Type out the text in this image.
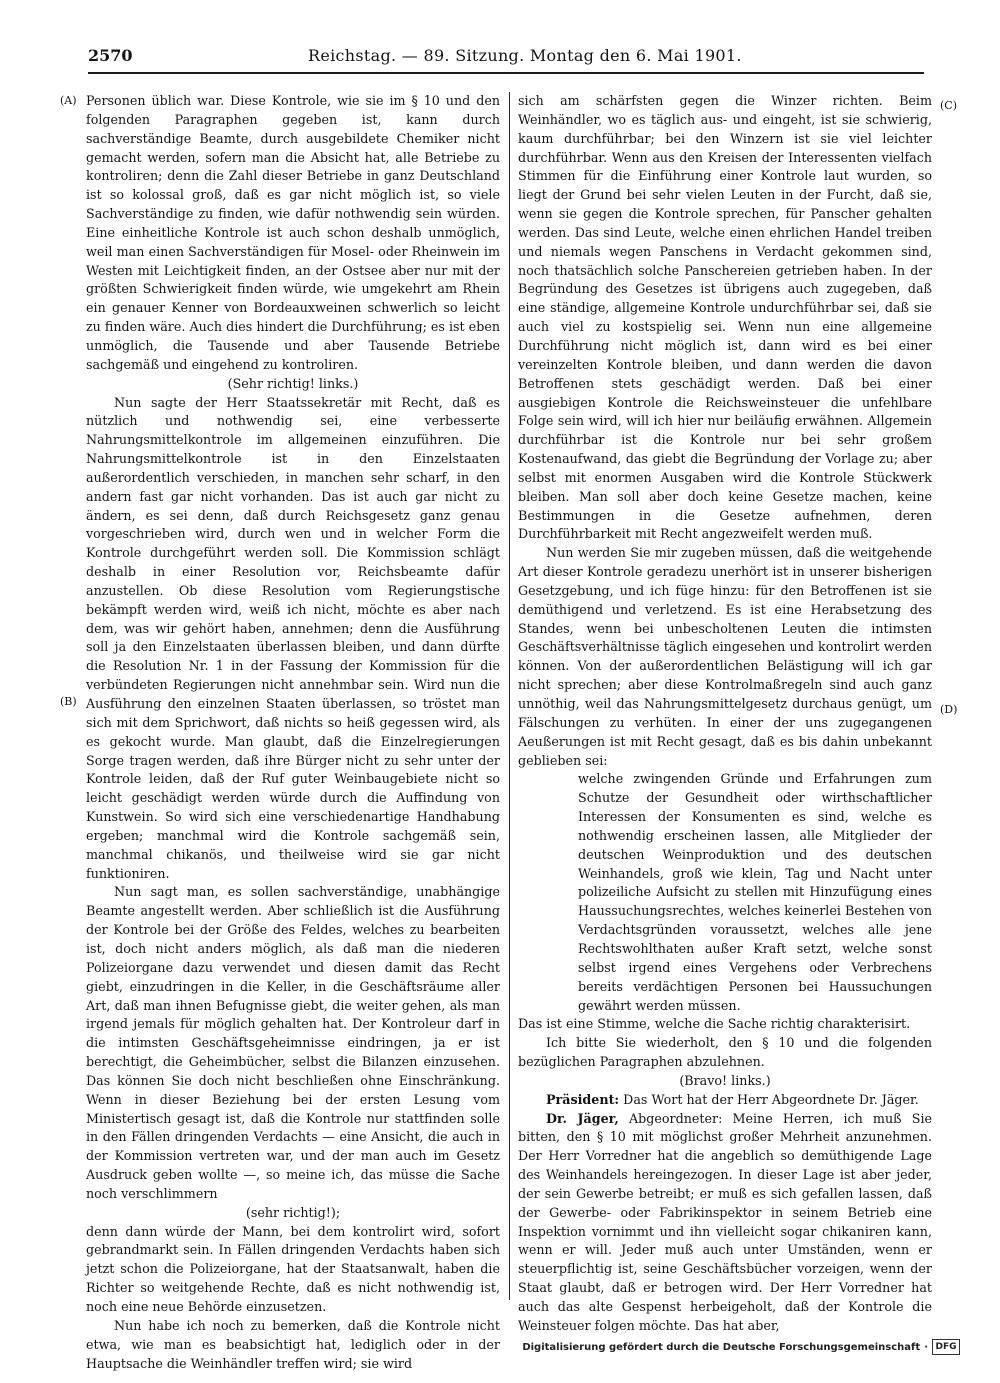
2570	Reichstag. — 89. Sitzung. Montag den 6. Mai 1901.
(A)
(B)
(C)
(D)

Personen üblich war. Diese Kontrole, wie sie im § 10 und den folgenden Paragraphen gegeben ist, kann durch sachverständige Beamte, durch ausgebildete Chemiker nicht gemacht werden, sofern man die Absicht hat, alle Betriebe zu kontroliren; denn die Zahl dieser Betriebe in ganz Deutschland ist so kolossal groß, daß es gar nicht möglich ist, so viele Sachverständige zu finden, wie dafür nothwendig sein würden. Eine einheitliche Kontrole ist auch schon deshalb unmöglich, weil man einen Sachverständigen für Mosel- oder Rheinwein im Westen mit Leichtigkeit finden, an der Ostsee aber nur mit der größten Schwierigkeit finden würde, wie umgekehrt am Rhein ein genauer Kenner von Bordeauxweinen schwerlich so leicht zu finden wäre. Auch dies hindert die Durchführung; es ist eben unmöglich, die Tausende und aber Tausende Betriebe sachgemäß und eingehend zu kontroliren.

(Sehr richtig! links.)

Nun sagte der Herr Staatssekretär mit Recht, daß es nützlich und nothwendig sei, eine verbesserte Nahrungsmittelkontrole im allgemeinen einzuführen. Die Nahrungsmittelkontrole ist in den Einzelstaaten außerordentlich verschieden, in manchen sehr scharf, in den andern fast gar nicht vorhanden. Das ist auch gar nicht zu ändern, es sei denn, daß durch Reichsgesetz ganz genau vorgeschrieben wird, durch wen und in welcher Form die Kontrole durchgeführt werden soll. Die Kommission schlägt deshalb in einer Resolution vor, Reichsbeamte dafür anzustellen. Ob diese Resolution vom Regierungstische bekämpft werden wird, weiß ich nicht, möchte es aber nach dem, was wir gehört haben, annehmen; denn die Ausführung soll ja den Einzelstaaten überlassen bleiben, und dann dürfte die Resolution Nr. 1 in der Fassung der Kommission für die verbündeten Regierungen nicht annehmbar sein. Wird nun die Ausführung den einzelnen Staaten überlassen, so tröstet man sich mit dem Sprichwort, daß nichts so heiß gegessen wird, als es gekocht wurde. Man glaubt, daß die Einzelregierungen Sorge tragen werden, daß ihre Bürger nicht zu sehr unter der Kontrole leiden, daß der Ruf guter Weinbaugebiete nicht so leicht geschädigt werden würde durch die Auffindung von Kunstwein. So wird sich eine verschiedenartige Handhabung ergeben; manchmal wird die Kontrole sachgemäß sein, manchmal chikanös, und theilweise wird sie gar nicht funktioniren.

Nun sagt man, es sollen sachverständige, unabhängige Beamte angestellt werden. Aber schließlich ist die Ausführung der Kontrole bei der Größe des Feldes, welches zu bearbeiten ist, doch nicht anders möglich, als daß man die niederen Polizeiorgane dazu verwendet und diesen damit das Recht giebt, einzudringen in die Keller, in die Geschäftsräume aller Art, daß man ihnen Befugnisse giebt, die weiter gehen, als man irgend jemals für möglich gehalten hat. Der Kontroleur darf in die intimsten Geschäftsgeheimnisse eindringen, ja er ist berechtigt, die Geheimbücher, selbst die Bilanzen einzusehen. Das können Sie doch nicht beschließen ohne Einschränkung. Wenn in dieser Beziehung bei der ersten Lesung vom Ministertisch gesagt ist, daß die Kontrole nur stattfinden solle in den Fällen dringenden Verdachts — eine Ansicht, die auch in der Kommission vertreten war, und der man auch im Gesetz Ausdruck geben wollte —, so meine ich, das müsse die Sache noch verschlimmern

(sehr richtig!);

denn dann würde der Mann, bei dem kontrolirt wird, sofort gebrandmarkt sein. In Fällen dringenden Verdachts haben sich jetzt schon die Polizeiorgane, hat der Staatsanwalt, haben die Richter so weitgehende Rechte, daß es nicht nothwendig ist, noch eine neue Behörde einzusetzen.

Nun habe ich noch zu bemerken, daß die Kontrole nicht etwa, wie man es beabsichtigt hat, lediglich oder in der Hauptsache die Weinhändler treffen wird; sie wird

sich am schärfsten gegen die Winzer richten. Beim Weinhändler, wo es täglich aus- und eingeht, ist sie schwierig, kaum durchführbar; bei den Winzern ist sie viel leichter durchführbar. Wenn aus den Kreisen der Interessenten vielfach Stimmen für die Einführung einer Kontrole laut wurden, so liegt der Grund bei sehr vielen Leuten in der Furcht, daß sie, wenn sie gegen die Kontrole sprechen, für Panscher gehalten werden. Das sind Leute, welche einen ehrlichen Handel treiben und niemals wegen Panschens in Verdacht gekommen sind, noch thatsächlich solche Panschereien getrieben haben. In der Begründung des Gesetzes ist übrigens auch zugegeben, daß eine ständige, allgemeine Kontrole undurchführbar sei, daß sie auch viel zu kostspielig sei. Wenn nun eine allgemeine Durchführung nicht möglich ist, dann wird es bei einer vereinzelten Kontrole bleiben, und dann werden die davon Betroffenen stets geschädigt werden. Daß bei einer ausgiebigen Kontrole die Reichsweinsteuer die unfehlbare Folge sein wird, will ich hier nur beiläufig erwähnen. Allgemein durchführbar ist die Kontrole nur bei sehr großem Kostenaufwand, das giebt die Begründung der Vorlage zu; aber selbst mit enormen Ausgaben wird die Kontrole Stückwerk bleiben. Man soll aber doch keine Gesetze machen, keine Bestimmungen in die Gesetze aufnehmen, deren Durchführbarkeit mit Recht angezweifelt werden muß.

Nun werden Sie mir zugeben müssen, daß die weitgehende Art dieser Kontrole geradezu unerhört ist in unserer bisherigen Gesetzgebung, und ich füge hinzu: für den Betroffenen ist sie demüthigend und verletzend. Es ist eine Herabsetzung des Standes, wenn bei unbescholtenen Leuten die intimsten Geschäftsverhältnisse täglich eingesehen und kontrolirt werden können. Von der außerordentlichen Belästigung will ich gar nicht sprechen; aber diese Kontrolmaßregeln sind auch ganz unnöthig, weil das Nahrungsmittelgesetz durchaus genügt, um Fälschungen zu verhüten. In einer der uns zugegangenen Aeußerungen ist mit Recht gesagt, daß es bis dahin unbekannt geblieben sei:

welche zwingenden Gründe und Erfahrungen zum Schutze der Gesundheit oder wirthschaftlicher Interessen der Konsumenten es sind, welche es nothwendig erscheinen lassen, alle Mitglieder der deutschen Weinproduktion und des deutschen Weinhandels, groß wie klein, Tag und Nacht unter polizeiliche Aufsicht zu stellen mit Hinzufügung eines Haussuchungsrechtes, welches keinerlei Bestehen von Verdachtsgründen voraussetzt, welches alle jene Rechtswohlthaten außer Kraft setzt, welche sonst selbst irgend eines Vergehens oder Verbrechens bereits verdächtigen Personen bei Haussuchungen gewährt werden müssen.

Das ist eine Stimme, welche die Sache richtig charakterisirt.

Ich bitte Sie wiederholt, den § 10 und die folgenden bezüglichen Paragraphen abzulehnen.

(Bravo! links.)

Präsident: Das Wort hat der Herr Abgeordnete Dr. Jäger.

Dr. Jäger, Abgeordneter: Meine Herren, ich muß Sie bitten, den § 10 mit möglichst großer Mehrheit anzunehmen. Der Herr Vorredner hat die angeblich so demüthigende Lage des Weinhandels hereingezogen. In dieser Lage ist aber jeder, der sein Gewerbe betreibt; er muß es sich gefallen lassen, daß der Gewerbe- oder Fabrikinspektor in seinem Betrieb eine Inspektion vornimmt und ihn vielleicht sogar chikaniren kann, wenn er will. Jeder muß auch unter Umständen, wenn er steuerpflichtig ist, seine Geschäftsbücher vorzeigen, wenn der Staat glaubt, daß er betrogen wird. Der Herr Vorredner hat auch das alte Gespenst herbeigeholt, daß der Kontrole die Weinsteuer folgen möchte. Das hat aber,

Digitalisierung gefördert durch die Deutsche Forschungsgemeinschaft · DFG
